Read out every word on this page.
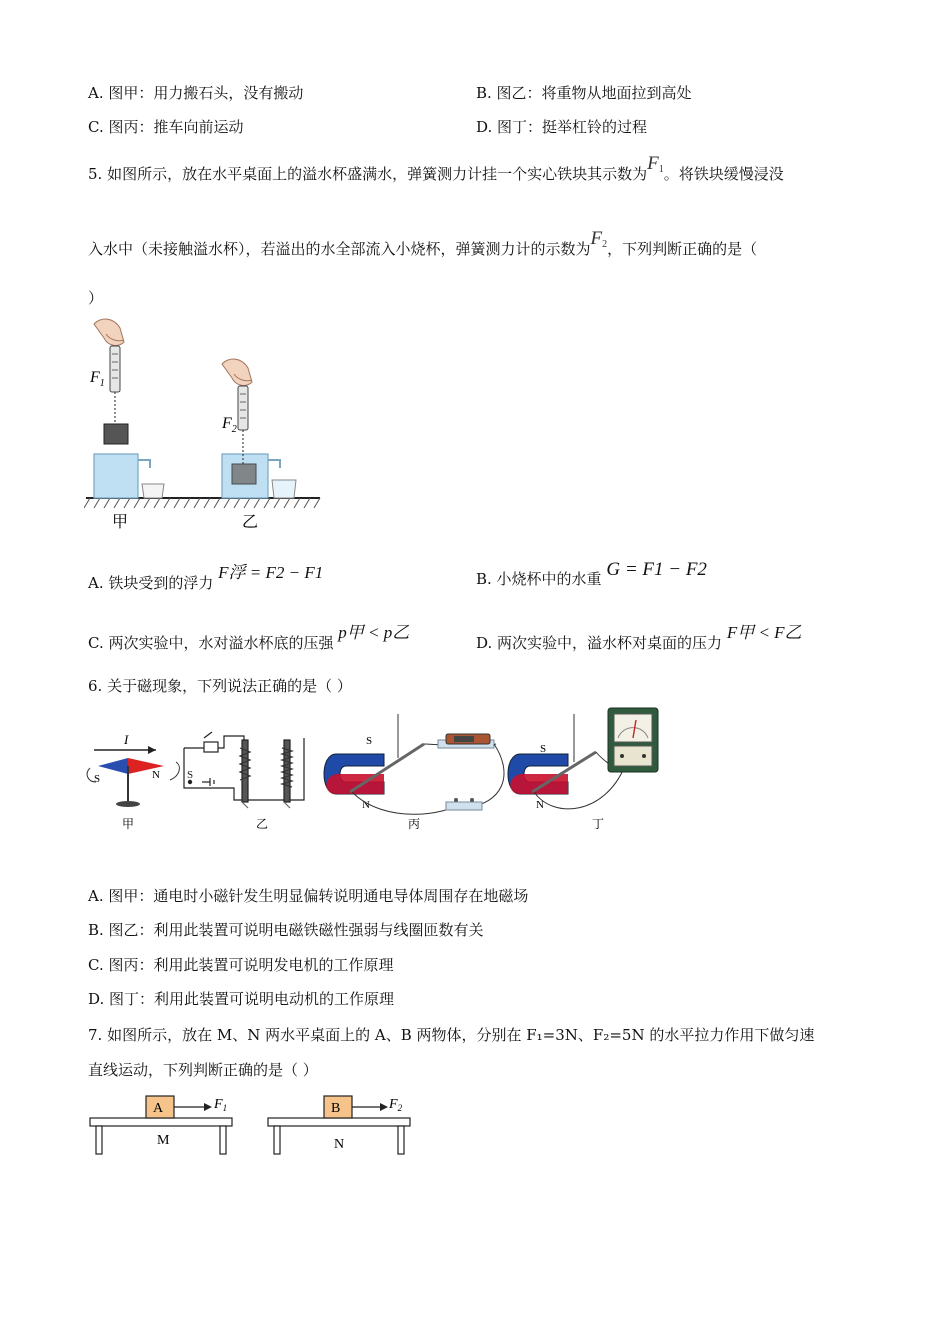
A. 图甲：用力搬石头，没有搬动	B. 图乙：将重物从地面拉到高处
C. 图丙：推车向前运动	D. 图丁：挺举杠铃的过程
5. 如图所示，放在水平桌面上的溢水杯盛满水，弹簧测力计挂一个实心铁块其示数为$F_1$。将铁块缓慢浸没
入水中（未接触溢水杯），若溢出的水全部流入小烧杯，弹簧测力计的示数为$F_2$，下列判断正确的是（
）
$F_1$
甲
$F_2$
乙
A. 铁块受到的浮力 F浮 = F2 − F1	B. 小烧杯中的水重 G = F1 − F2
C. 两次实验中，水对溢水杯底的压强 p甲 < p乙
D. 两次实验中，溢水杯对桌面的压力 F甲 < F乙
6. 关于磁现象，下列说法正确的是（ ）
I
S	N
甲
S
乙
S
N
丙
S
N
丁
A. 图甲：通电时小磁针发生明显偏转说明通电导体周围存在地磁场
B. 图乙：利用此装置可说明电磁铁磁性强弱与线圈匝数有关
C. 图丙：利用此装置可说明发电机的工作原理
D. 图丁：利用此装置可说明电动机的工作原理
7. 如图所示，放在 M、N 两水平桌面上的 A、B 两物体，分别在 F₁=3N、F₂=5N 的水平拉力作用下做匀速
直线运动，下列判断正确的是（ ）
A	$F_1$
M
B	$F_2$
N
